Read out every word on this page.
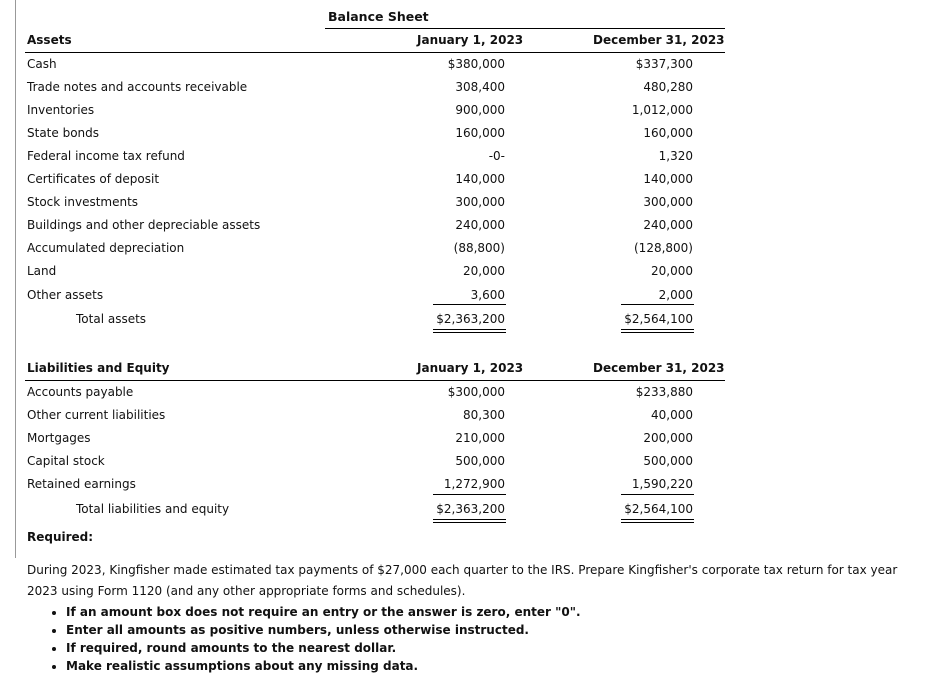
Balance Sheet
Assets	January 1, 2023	December 31, 2023
Cash	$380,000	$337,300
Trade notes and accounts receivable	308,400	480,280
Inventories	900,000	1,012,000
State bonds	160,000	160,000
Federal income tax refund	-0-	1,320
Certificates of deposit	140,000	140,000
Stock investments	300,000	300,000
Buildings and other depreciable assets	240,000	240,000
Accumulated depreciation	(88,800)	(128,800)
Land	20,000	20,000
Other assets	3,600	2,000
Total assets	$2,363,200	$2,564,100
Liabilities and Equity	January 1, 2023	December 31, 2023
Accounts payable	$300,000	$233,880
Other current liabilities	80,300	40,000
Mortgages	210,000	200,000
Capital stock	500,000	500,000
Retained earnings	1,272,900	1,590,220
Total liabilities and equity	$2,363,200	$2,564,100
Required:
During 2023, Kingfisher made estimated tax payments of $27,000 each quarter to the IRS. Prepare Kingfisher's corporate tax return for tax year 2023 using Form 1120 (and any other appropriate forms and schedules).
• If an amount box does not require an entry or the answer is zero, enter "0".
• Enter all amounts as positive numbers, unless otherwise instructed.
• If required, round amounts to the nearest dollar.
• Make realistic assumptions about any missing data.
